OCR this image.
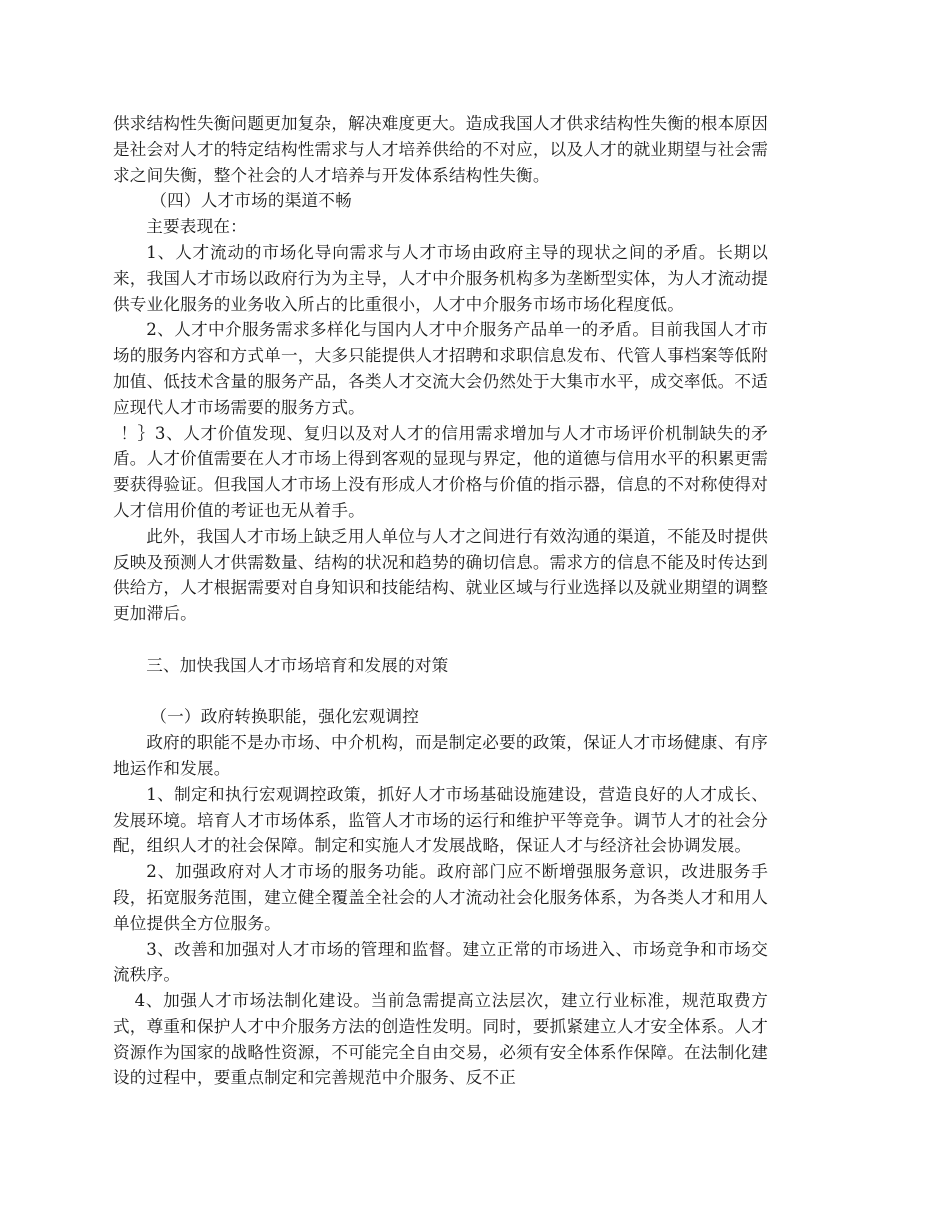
供求结构性失衡问题更加复杂，解决难度更大。造成我国人才供求结构性失衡的根本原因是社会对人才的特定结构性需求与人才培养供给的不对应，以及人才的就业期望与社会需求之间失衡，整个社会的人才培养与开发体系结构性失衡。

（四）人才市场的渠道不畅

主要表现在：

1、人才流动的市场化导向需求与人才市场由政府主导的现状之间的矛盾。长期以来，我国人才市场以政府行为为主导，人才中介服务机构多为垄断型实体，为人才流动提供专业化服务的业务收入所占的比重很小，人才中介服务市场市场化程度低。

2、人才中介服务需求多样化与国内人才中介服务产品单一的矛盾。目前我国人才市场的服务内容和方式单一，大多只能提供人才招聘和求职信息发布、代管人事档案等低附加值、低技术含量的服务产品，各类人才交流大会仍然处于大集市水平，成交率低。不适应现代人才市场需要的服务方式。

！｝3、人才价值发现、复归以及对人才的信用需求增加与人才市场评价机制缺失的矛盾。人才价值需要在人才市场上得到客观的显现与界定，他的道德与信用水平的积累更需要获得验证。但我国人才市场上没有形成人才价格与价值的指示器，信息的不对称使得对人才信用价值的考证也无从着手。

此外，我国人才市场上缺乏用人单位与人才之间进行有效沟通的渠道，不能及时提供反映及预测人才供需数量、结构的状况和趋势的确切信息。需求方的信息不能及时传达到供给方，人才根据需要对自身知识和技能结构、就业区域与行业选择以及就业期望的调整更加滞后。

三、加快我国人才市场培育和发展的对策

（一）政府转换职能，强化宏观调控

政府的职能不是办市场、中介机构，而是制定必要的政策，保证人才市场健康、有序地运作和发展。

1、制定和执行宏观调控政策，抓好人才市场基础设施建设，营造良好的人才成长、发展环境。培育人才市场体系，监管人才市场的运行和维护平等竞争。调节人才的社会分配，组织人才的社会保障。制定和实施人才发展战略，保证人才与经济社会协调发展。

2、加强政府对人才市场的服务功能。政府部门应不断增强服务意识，改进服务手段，拓宽服务范围，建立健全覆盖全社会的人才流动社会化服务体系，为各类人才和用人单位提供全方位服务。

3、改善和加强对人才市场的管理和监督。建立正常的市场进入、市场竞争和市场交流秩序。

4、加强人才市场法制化建设。当前急需提高立法层次，建立行业标准，规范取费方式，尊重和保护人才中介服务方法的创造性发明。同时，要抓紧建立人才安全体系。人才资源作为国家的战略性资源，不可能完全自由交易，必须有安全体系作保障。在法制化建设的过程中，要重点制定和完善规范中介服务、反不正
